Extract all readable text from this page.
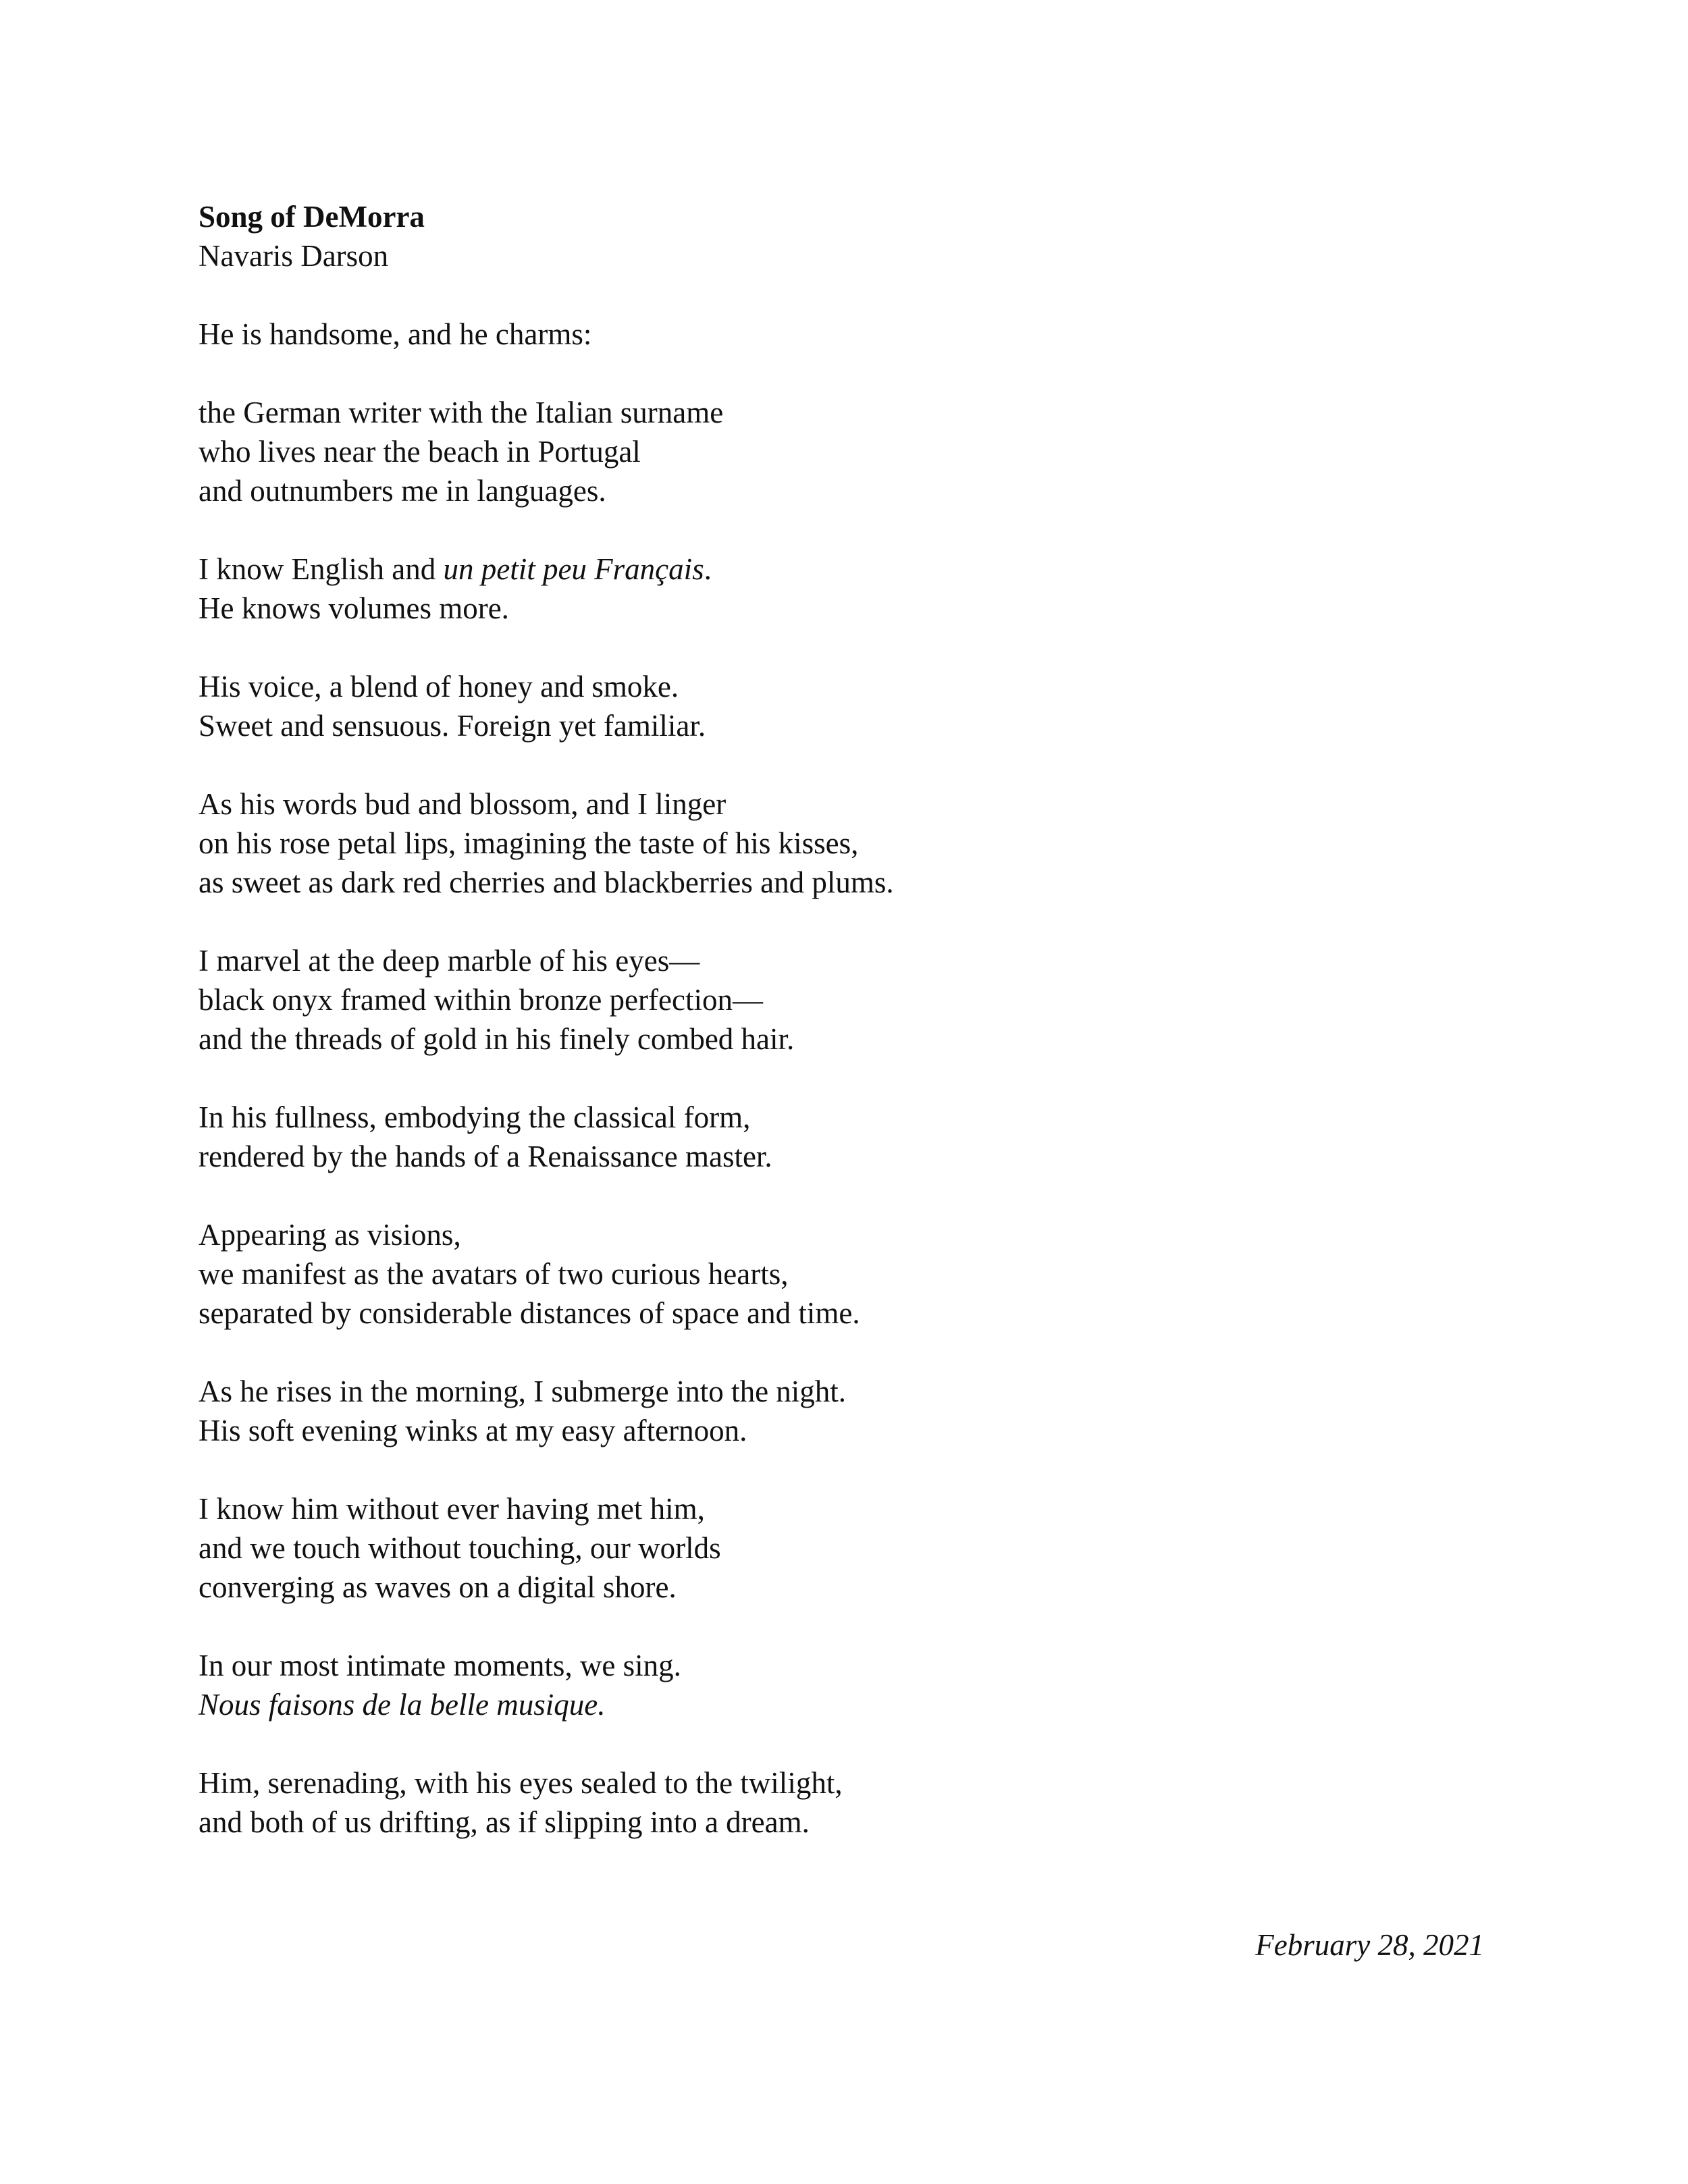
Song of DeMorra
Navaris Darson
He is handsome, and he charms:
the German writer with the Italian surname
who lives near the beach in Portugal
and outnumbers me in languages.
I know English and un petit peu Français.
He knows volumes more.
His voice, a blend of honey and smoke.
Sweet and sensuous. Foreign yet familiar.
As his words bud and blossom, and I linger
on his rose petal lips, imagining the taste of his kisses,
as sweet as dark red cherries and blackberries and plums.
I marvel at the deep marble of his eyes—
black onyx framed within bronze perfection—
and the threads of gold in his finely combed hair.
In his fullness, embodying the classical form,
rendered by the hands of a Renaissance master.
Appearing as visions,
we manifest as the avatars of two curious hearts,
separated by considerable distances of space and time.
As he rises in the morning, I submerge into the night.
His soft evening winks at my easy afternoon.
I know him without ever having met him,
and we touch without touching, our worlds
converging as waves on a digital shore.
In our most intimate moments, we sing.
Nous faisons de la belle musique.
Him, serenading, with his eyes sealed to the twilight,
and both of us drifting, as if slipping into a dream.
February 28, 2021
